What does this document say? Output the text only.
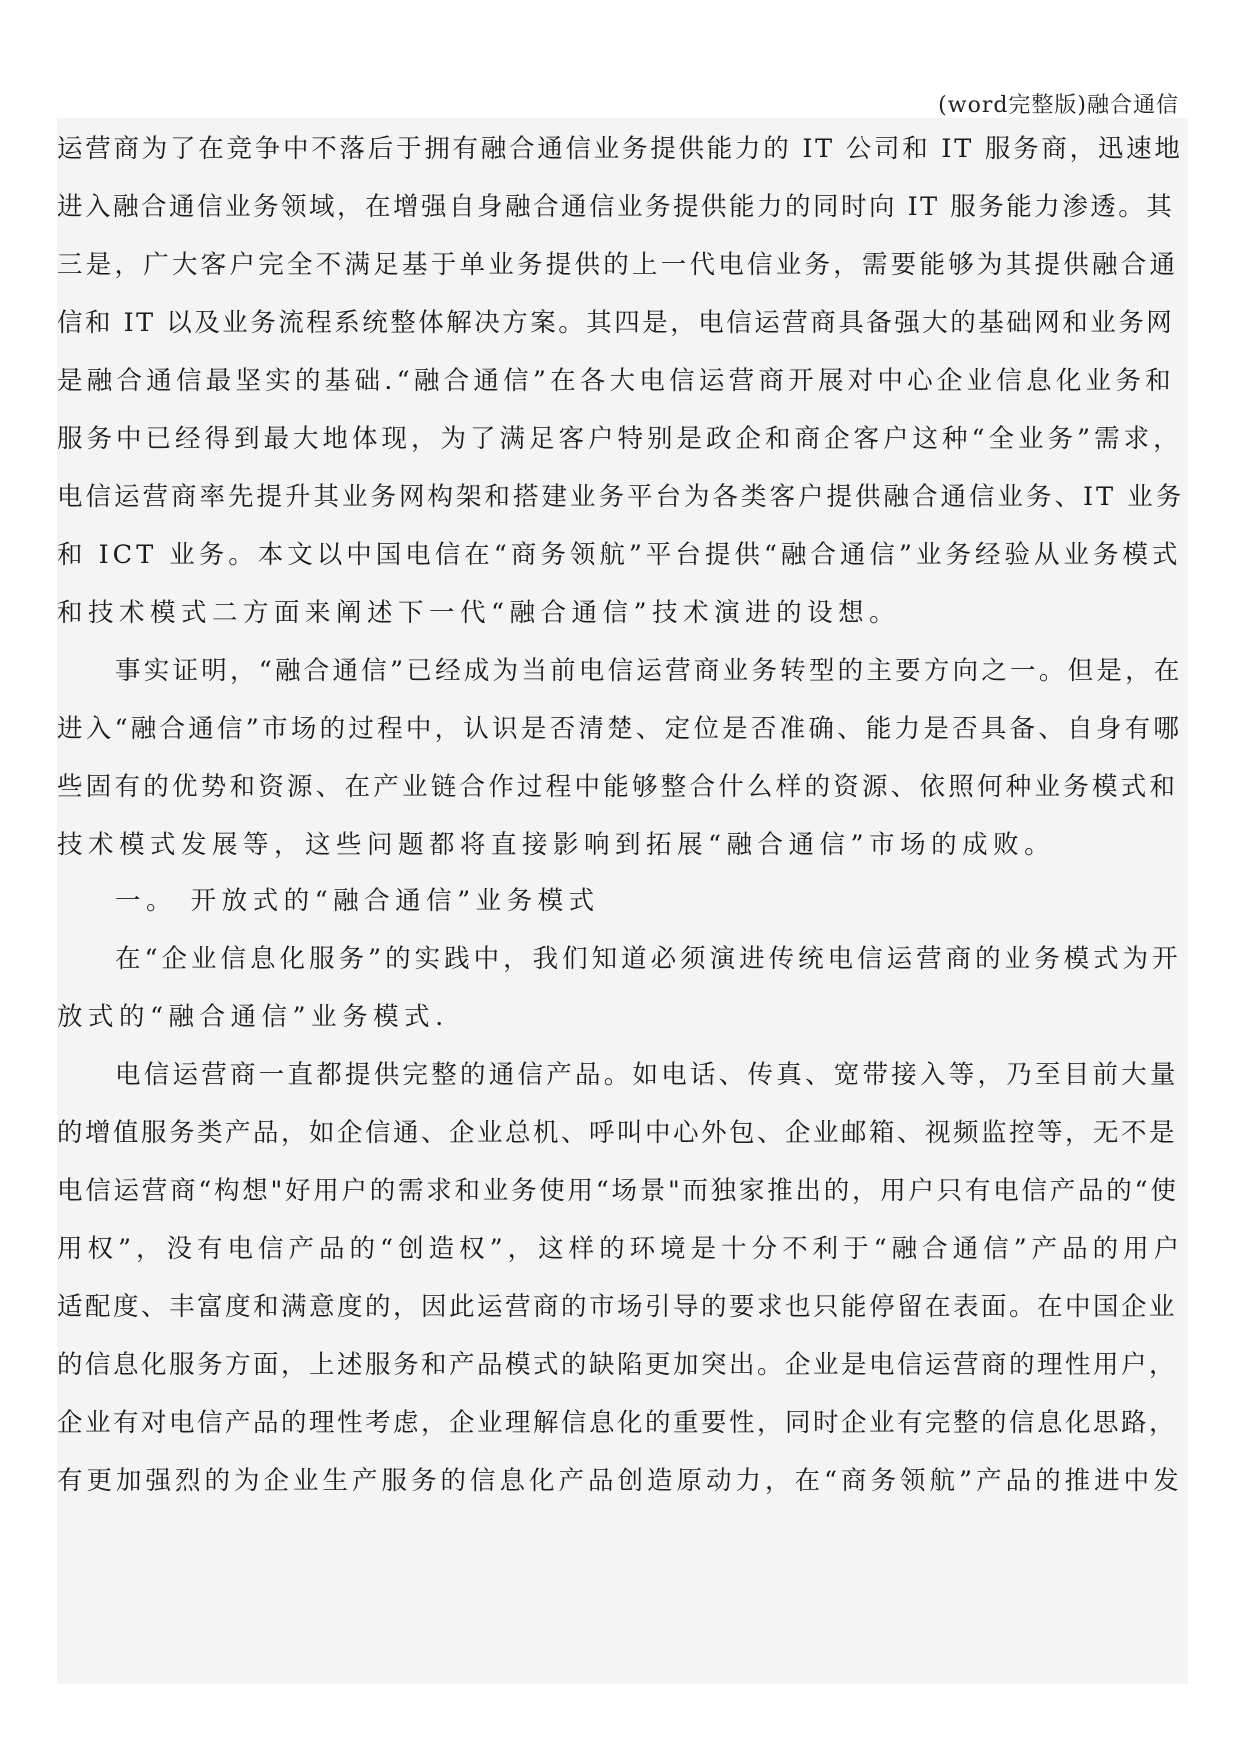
(word完整版)融合通信
运营商为了在竞争中不落后于拥有融合通信业务提供能力的 IT 公司和 IT 服务商，迅速地
进入融合通信业务领域，在增强自身融合通信业务提供能力的同时向 IT 服务能力渗透。其
三是，广大客户完全不满足基于单业务提供的上一代电信业务，需要能够为其提供融合通
信和 IT 以及业务流程系统整体解决方案。其四是，电信运营商具备强大的基础网和业务网
是融合通信最坚实的基础.“融合通信”在各大电信运营商开展对中心企业信息化业务和
服务中已经得到最大地体现，为了满足客户特别是政企和商企客户这种“全业务”需求，
电信运营商率先提升其业务网构架和搭建业务平台为各类客户提供融合通信业务、IT 业务
和 ICT 业务。本文以中国电信在“商务领航”平台提供“融合通信”业务经验从业务模式
和技术模式二方面来阐述下一代“融合通信”技术演进的设想。
事实证明，“融合通信”已经成为当前电信运营商业务转型的主要方向之一。但是，在
进入“融合通信”市场的过程中，认识是否清楚、定位是否准确、能力是否具备、自身有哪
些固有的优势和资源、在产业链合作过程中能够整合什么样的资源、依照何种业务模式和
技术模式发展等，这些问题都将直接影响到拓展“融合通信”市场的成败。
一。 开放式的“融合通信”业务模式
在“企业信息化服务”的实践中，我们知道必须演进传统电信运营商的业务模式为开
放式的“融合通信”业务模式.
电信运营商一直都提供完整的通信产品。如电话、传真、宽带接入等，乃至目前大量
的增值服务类产品，如企信通、企业总机、呼叫中心外包、企业邮箱、视频监控等，无不是
电信运营商“构想"好用户的需求和业务使用“场景"而独家推出的，用户只有电信产品的“使
用权”，没有电信产品的“创造权”，这样的环境是十分不利于“融合通信”产品的用户
适配度、丰富度和满意度的，因此运营商的市场引导的要求也只能停留在表面。在中国企业
的信息化服务方面，上述服务和产品模式的缺陷更加突出。企业是电信运营商的理性用户，
企业有对电信产品的理性考虑，企业理解信息化的重要性，同时企业有完整的信息化思路，
有更加强烈的为企业生产服务的信息化产品创造原动力，在“商务领航”产品的推进中发
